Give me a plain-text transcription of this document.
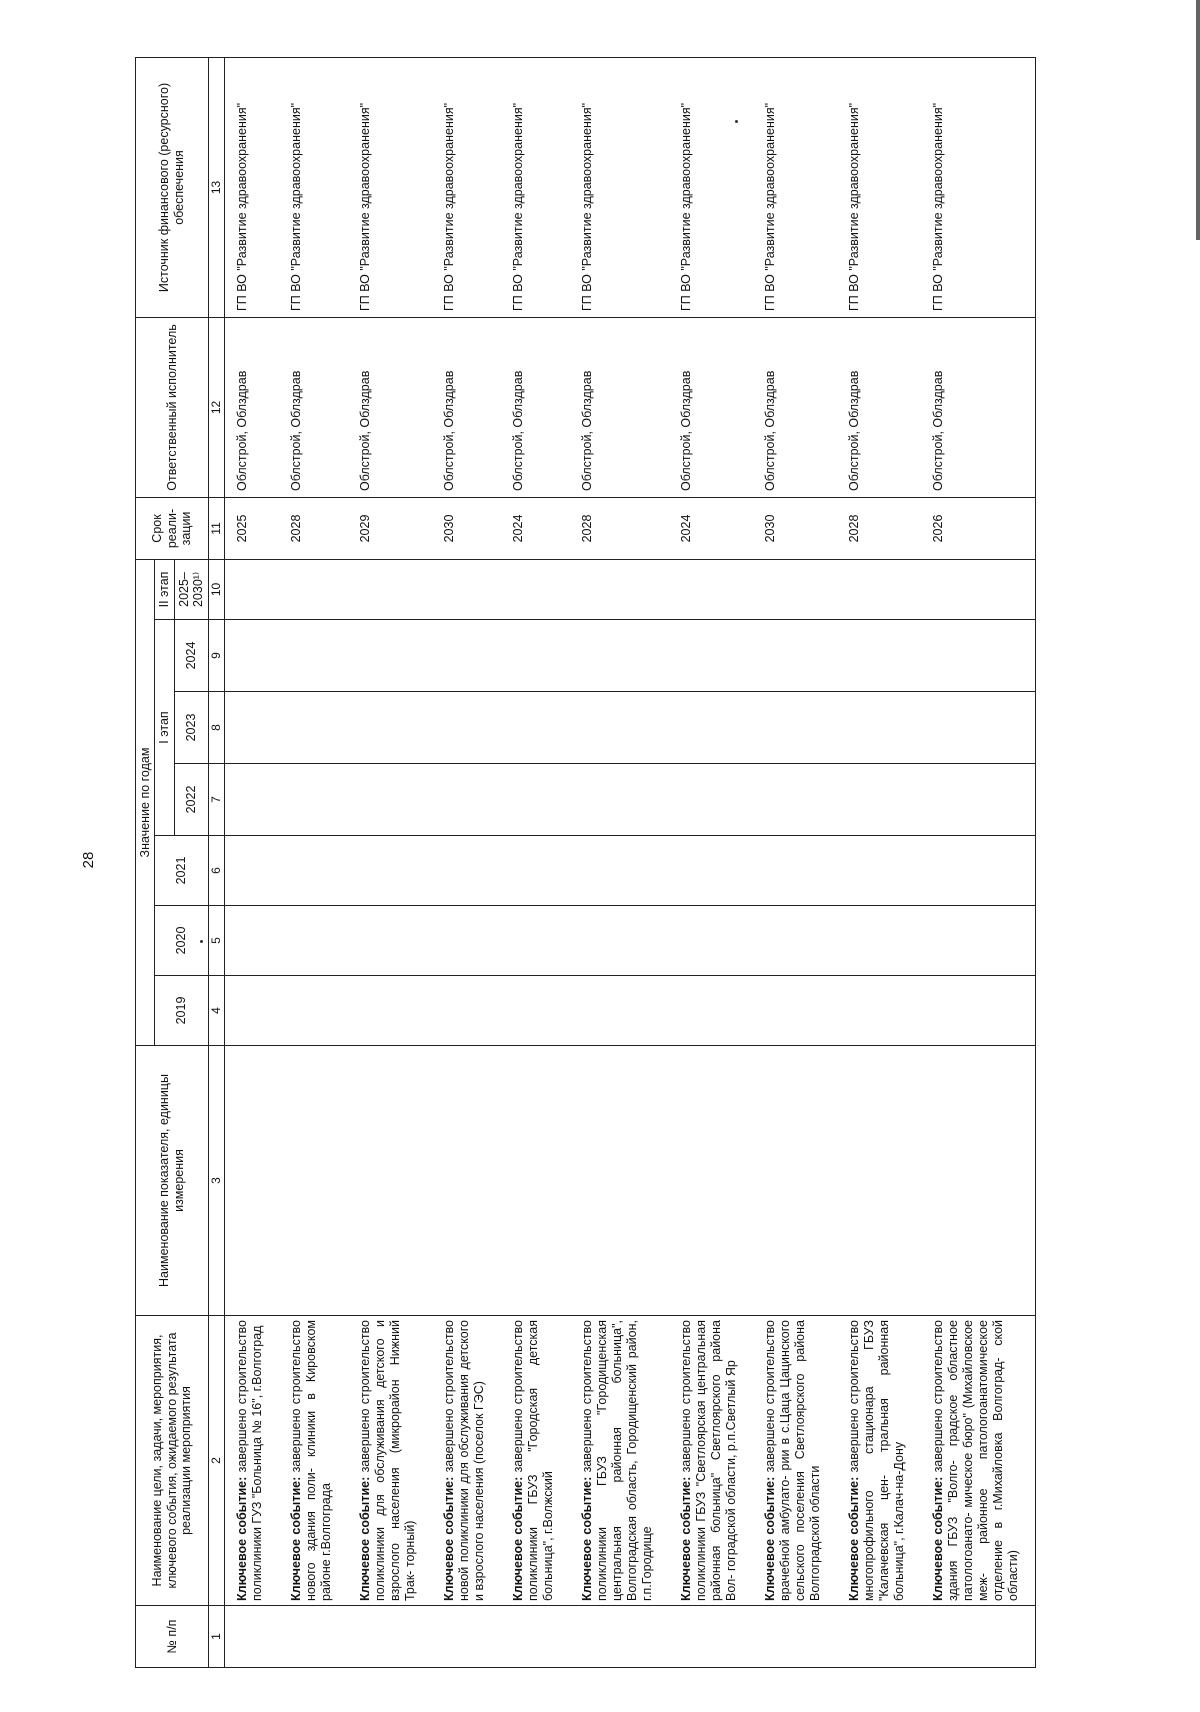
28
№ п/п	Наименование цели, задачи, мероприятия, ключевого события, ожидаемого результата реализации мероприятия	Наименование показателя, единицы измерения	Значение по годам							Срок реали- зации	Ответственный исполнитель	Источник финансового (ресурсного) обеспечения
			2019	2020	2021	I этап			II этап			
						2022	2023	2024	2025–2030¹⁾			
1	2	3	4	5	6	7	8	9	10	11	12	13
	Ключевое событие: завершено строительство поликлиники ГУЗ "Больница № 16", г.Волгоград									2025	Облстрой, Облздрав	ГП ВО "Развитие здравоохранения"
	Ключевое событие: завершено строительство нового здания поли- клиники в Кировском районе г.Волгограда									2028	Облстрой, Облздрав	ГП ВО "Развитие здравоохранения"
	Ключевое событие: завершено строительство поликлиники для обслуживания детского и взрослого населения (микрорайон Нижний Трак- торный)									2029	Облстрой, Облздрав	ГП ВО "Развитие здравоохранения"
	Ключевое событие: завершено строительство новой поликлиники для обслуживания детского и взрослого населения (поселок ГЭС)									2030	Облстрой, Облздрав	ГП ВО "Развитие здравоохранения"
	Ключевое событие: завершено строительство поликлиники ГБУЗ "Городская детская больница", г.Волжский									2024	Облстрой, Облздрав	ГП ВО "Развитие здравоохранения"
	Ключевое событие: завершено строительство поликлиники ГБУЗ "Городищенская центральная районная больница", Волгоградская область, Городищенский район, г.п.Городище									2028	Облстрой, Облздрав	ГП ВО "Развитие здравоохранения"
	Ключевое событие: завершено строительство поликлиники ГБУЗ "Светлоярская центральная районная больница" Светлоярского района Вол- гоградской области, р.п.Светлый Яр									2024	Облстрой, Облздрав	ГП ВО "Развитие здравоохранения"
	Ключевое событие: завершено строительство врачебной амбулато- рии в с.Цаца Цацинского сельского поселения Светлоярского района Волгоградской области									2030	Облстрой, Облздрав	ГП ВО "Развитие здравоохранения"
	Ключевое событие: завершено строительство многопрофильного стационара ГБУЗ "Калачевская цен- тральная районная больница", г.Калач-на-Дону									2028	Облстрой, Облздрав	ГП ВО "Развитие здравоохранения"
	Ключевое событие: завершено строительство здания ГБУЗ "Волго- градское областное патологоанато- мическое бюро" (Михайловское меж- районное патологоанатомическое отделение в г.Михайловка Волгоград- ской области)									2026	Облстрой, Облздрав	ГП ВО "Развитие здравоохранения"
